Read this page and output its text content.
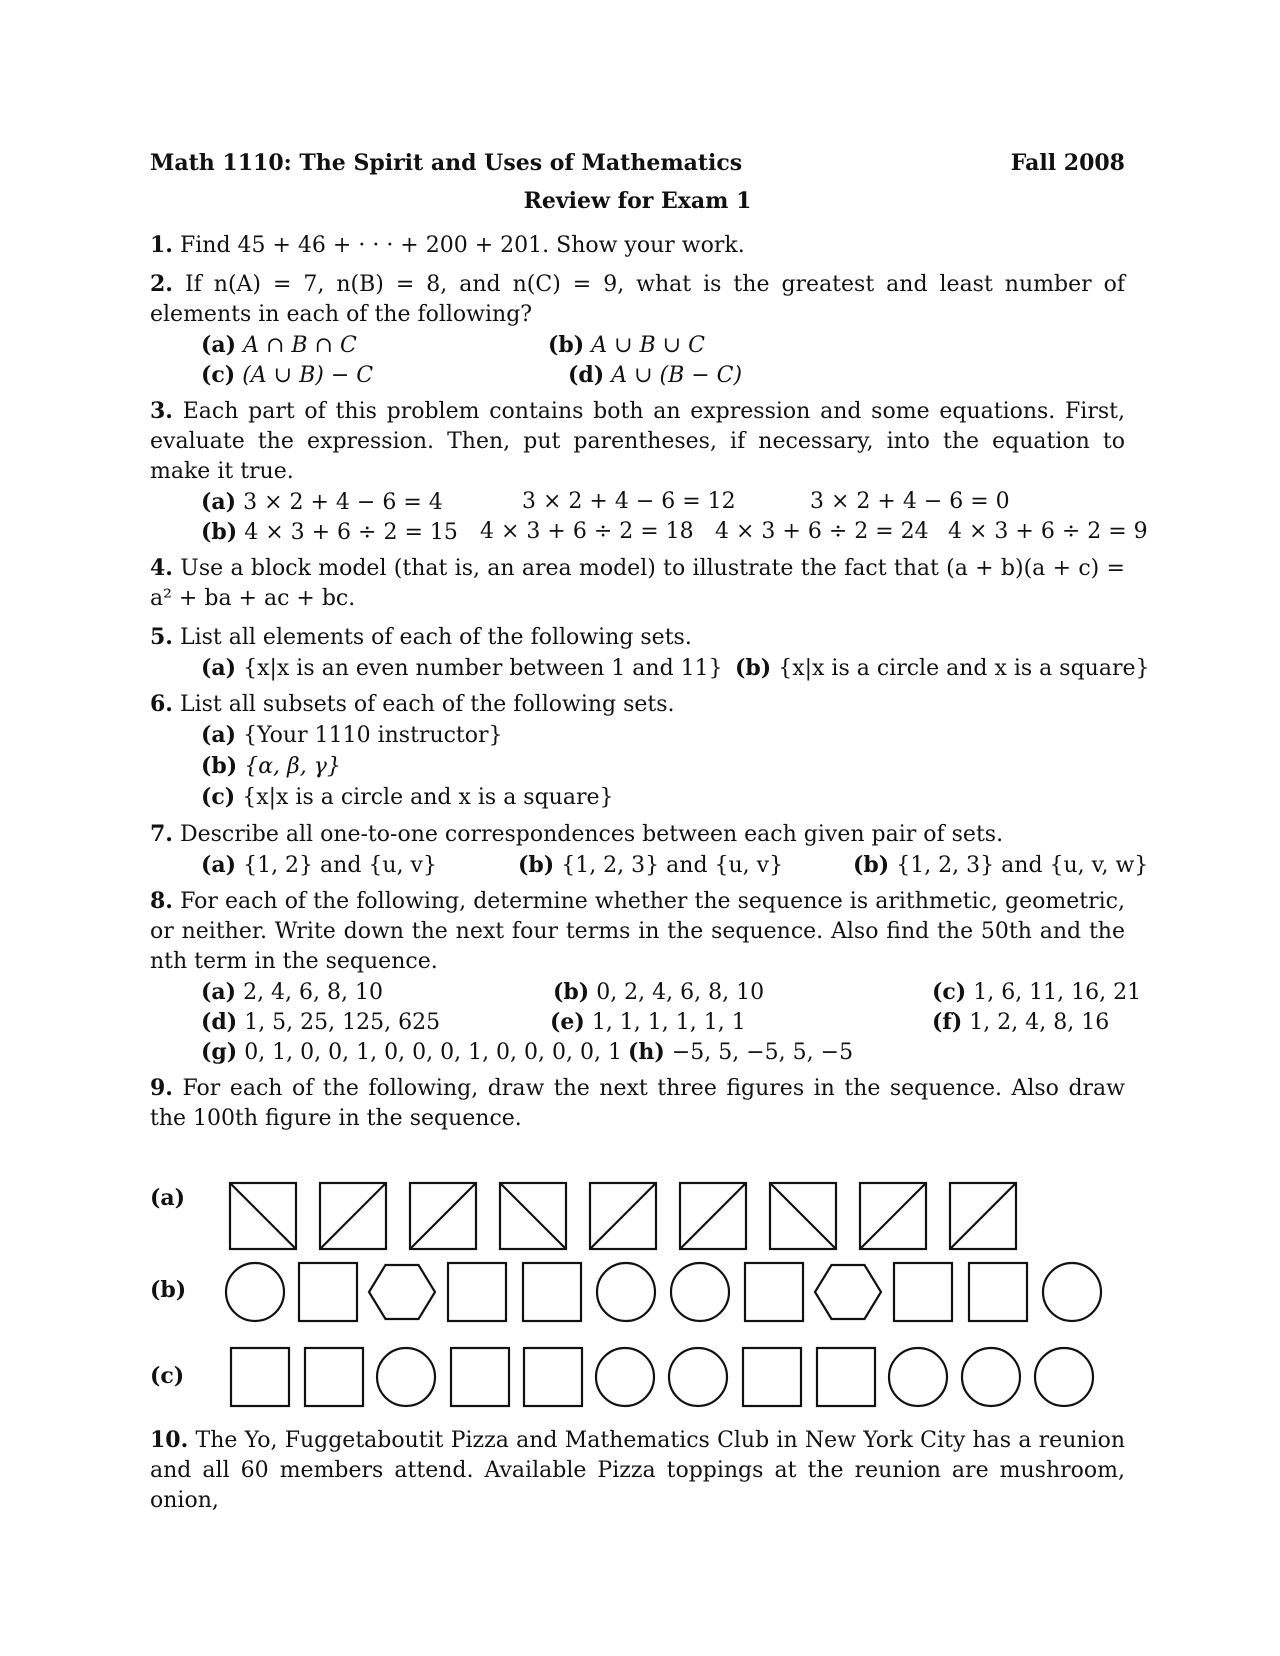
Math 1110: The Spirit and Uses of Mathematics	Fall 2008
Review for Exam 1

1. Find 45 + 46 + · · · + 200 + 201. Show your work.

2. If n(A) = 7, n(B) = 8, and n(C) = 9, what is the greatest and least number of elements in each of the following?

(a) A ∩ B ∩ C	(b) A ∪ B ∪ C
(c) (A ∪ B) − C	(d) A ∪ (B − C)

3. Each part of this problem contains both an expression and some equations. First, evaluate the expression. Then, put parentheses, if necessary, into the equation to make it true.

(a) 3 × 2 + 4 − 6 = 4	3 × 2 + 4 − 6 = 12	3 × 2 + 4 − 6 = 0
(b) 4 × 3 + 6 ÷ 2 = 15 4 × 3 + 6 ÷ 2 = 18 4 × 3 + 6 ÷ 2 = 24 4 × 3 + 6 ÷ 2 = 9

4. Use a block model (that is, an area model) to illustrate the fact that (a + b)(a + c) = a² + ba + ac + bc.

5. List all elements of each of the following sets.

(a) {x|x is an even number between 1 and 11} (b) {x|x is a circle and x is a square}

6. List all subsets of each of the following sets.

(a) {Your 1110 instructor}
(b) {α, β, γ}
(c) {x|x is a circle and x is a square}

7. Describe all one-to-one correspondences between each given pair of sets.

(a) {1, 2} and {u, v}	(b) {1, 2, 3} and {u, v}	(b) {1, 2, 3} and {u, v, w}

8. For each of the following, determine whether the sequence is arithmetic, geometric, or neither. Write down the next four terms in the sequence. Also find the 50th and the nth term in the sequence.

(a) 2, 4, 6, 8, 10	(b) 0, 2, 4, 6, 8, 10	(c) 1, 6, 11, 16, 21
(d) 1, 5, 25, 125, 625	(e) 1, 1, 1, 1, 1, 1	(f) 1, 2, 4, 8, 16
(g) 0, 1, 0, 0, 1, 0, 0, 0, 1, 0, 0, 0, 0, 1 (h) −5, 5, −5, 5, −5

9. For each of the following, draw the next three figures in the sequence. Also draw the 100th figure in the sequence.

(a)
(b)
(c)

10. The Yo, Fuggetaboutit Pizza and Mathematics Club in New York City has a reunion and all 60 members attend. Available Pizza toppings at the reunion are mushroom, onion,
